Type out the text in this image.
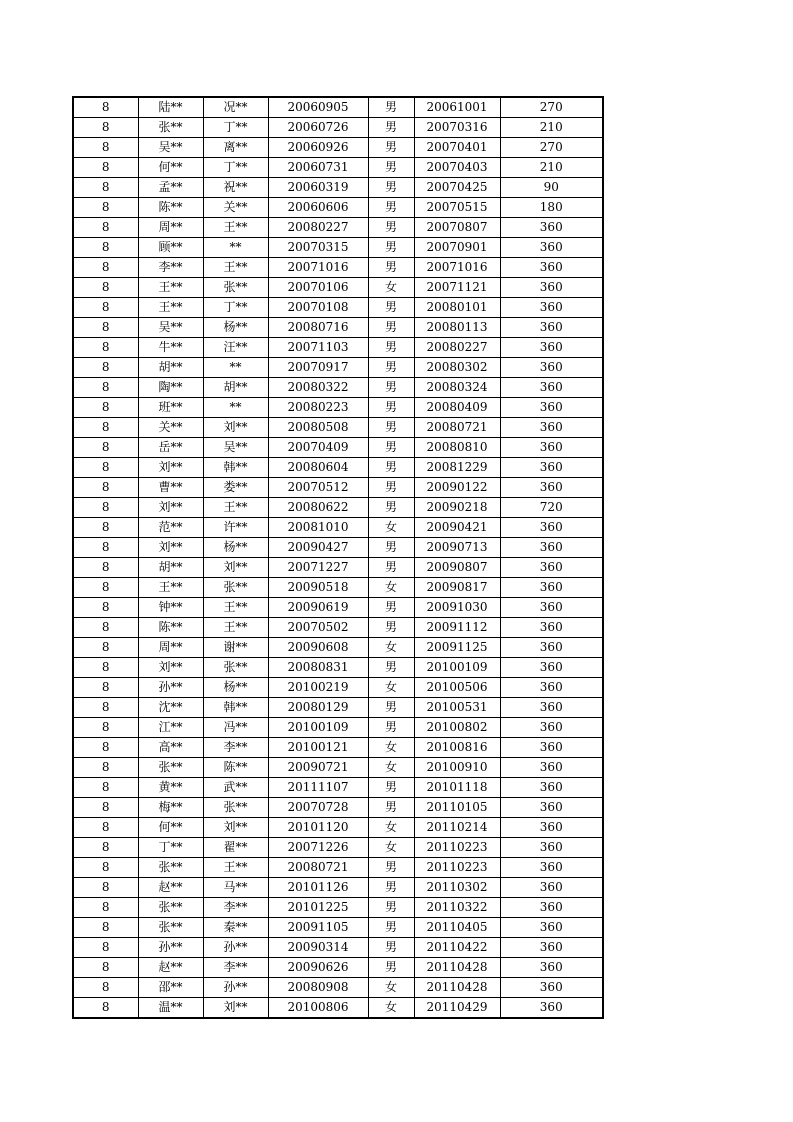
8	陆**	况**	20060905	男	20061001	270
8	张**	丁**	20060726	男	20070316	210
8	吴**	离**	20060926	男	20070401	270
8	何**	丁**	20060731	男	20070403	210
8	孟**	祝**	20060319	男	20070425	90
8	陈**	关**	20060606	男	20070515	180
8	周**	王**	20080227	男	20070807	360
8	顾**	**	20070315	男	20070901	360
8	李**	王**	20071016	男	20071016	360
8	王**	张**	20070106	女	20071121	360
8	王**	丁**	20070108	男	20080101	360
8	吴**	杨**	20080716	男	20080113	360
8	牛**	汪**	20071103	男	20080227	360
8	胡**	**	20070917	男	20080302	360
8	陶**	胡**	20080322	男	20080324	360
8	班**	**	20080223	男	20080409	360
8	关**	刘**	20080508	男	20080721	360
8	岳**	吴**	20070409	男	20080810	360
8	刘**	韩**	20080604	男	20081229	360
8	曹**	娄**	20070512	男	20090122	360
8	刘**	王**	20080622	男	20090218	720
8	范**	许**	20081010	女	20090421	360
8	刘**	杨**	20090427	男	20090713	360
8	胡**	刘**	20071227	男	20090807	360
8	王**	张**	20090518	女	20090817	360
8	钟**	王**	20090619	男	20091030	360
8	陈**	王**	20070502	男	20091112	360
8	周**	谢**	20090608	女	20091125	360
8	刘**	张**	20080831	男	20100109	360
8	孙**	杨**	20100219	女	20100506	360
8	沈**	韩**	20080129	男	20100531	360
8	江**	冯**	20100109	男	20100802	360
8	高**	李**	20100121	女	20100816	360
8	张**	陈**	20090721	女	20100910	360
8	黄**	武**	20111107	男	20101118	360
8	梅**	张**	20070728	男	20110105	360
8	何**	刘**	20101120	女	20110214	360
8	丁**	翟**	20071226	女	20110223	360
8	张**	王**	20080721	男	20110223	360
8	赵**	马**	20101126	男	20110302	360
8	张**	李**	20101225	男	20110322	360
8	张**	秦**	20091105	男	20110405	360
8	孙**	孙**	20090314	男	20110422	360
8	赵**	李**	20090626	男	20110428	360
8	邵**	孙**	20080908	女	20110428	360
8	温**	刘**	20100806	女	20110429	360
